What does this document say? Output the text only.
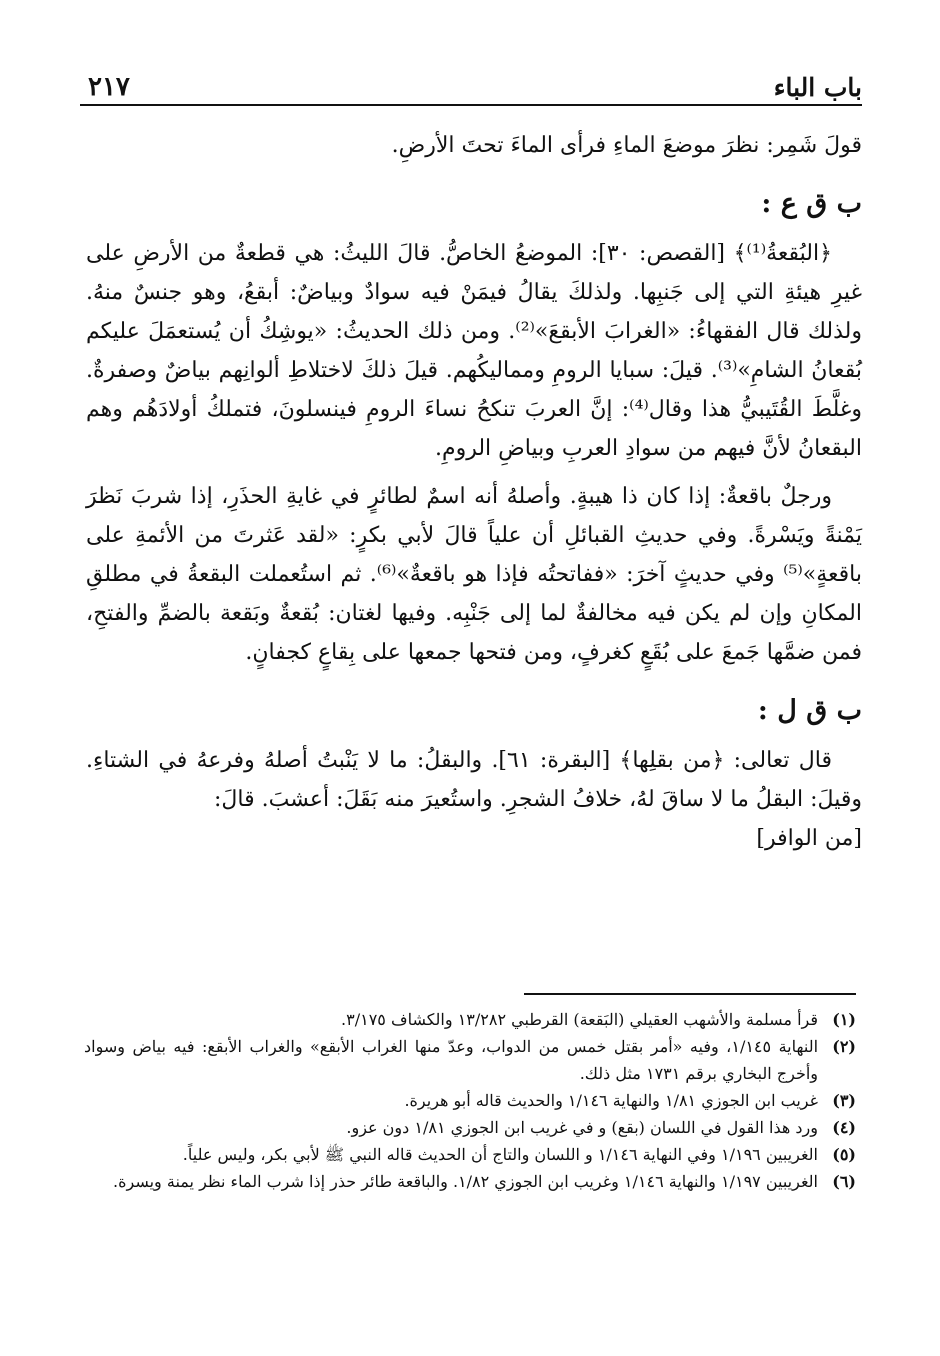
باب الباء
٢١٧

قولَ شَمِر: نظرَ موضعَ الماءِ فرأى الماءَ تحتَ الأرضِ.

ب ق ع :

﴿البُقعةُ⁽¹⁾﴾ [القصص: ٣٠]: الموضعُ الخاصُّ. قالَ الليثُ: هي قطعةٌ من الأرضِ على غيرِ هيئةِ التي إلى جَنبِها. ولذلكَ يقالُ فيمَنْ فيه سوادٌ وبياضٌ: أبقعُ، وهو جنسٌ منهُ. ولذلك قال الفقهاءُ: «الغرابَ الأبقعَ»⁽²⁾. ومن ذلك الحديثُ: «يوشِكُ أن يُستعمَلَ عليكم بُقعانُ الشامِ»⁽³⁾. قيلَ: سبايا الرومِ ومماليكُهم. قيلَ ذلكَ لاختلاطِ ألوانِهم بياضٌ وصفرةٌ. وغلَّطَ القُتَيبيُّ هذا وقال⁽⁴⁾: إنَّ العربَ تنكحُ نساءَ الرومِ فينسلونَ، فتملكُ أولادَهُم وهم البقعانُ لأنَّ فيهم من سوادِ العربِ وبياضِ الرومِ.

ورجلٌ باقعةٌ: إذا كان ذا هيبةٍ. وأصلهُ أنه اسمٌ لطائرٍ في غايةِ الحذَرِ، إذا شربَ نَظرَ يَمْنةً ويَسْرةً. وفي حديثِ القبائلِ أن علياً قالَ لأبي بكرٍ: «لقد عَثرتَ من الأئمةِ على باقعةٍ»⁽⁵⁾ وفي حديثٍ آخرَ: «ففاتحتُه فإذا هو باقعةٌ»⁽⁶⁾. ثم استُعملت البقعةُ في مطلقِ المكانِ وإن لم يكن فيه مخالفةٌ لما إلى جَنْبِه. وفيها لغتان: بُقعةٌ وبَقعة بالضمِّ والفتحِ، فمن ضمَّها جَمعَ على بُقَعٍ كغرفٍ، ومن فتحها جمعها على بِقاعٍ كجفانٍ.

ب ق ل :

قال تعالى: ﴿من بقلِها﴾ [البقرة: ٦١]. والبقلُ: ما لا يَنْبتُ أصلهُ وفرعهُ في الشتاءِ. وقيلَ: البقلُ ما لا ساقَ لهُ، خلافُ الشجرِ. واستُعيرَ منه بَقَلَ: أعشبَ. قالَ:

[من الوافر]

(١)
قرأ مسلمة والأشهب العقيلي (البَقعة) القرطبي ١٣/٢٨٢ والكشاف ٣/١٧٥.
(٢)
النهاية ١/١٤٥، وفيه «أمر بقتل خمس من الدواب، وعدّ منها الغراب الأبقع» والغراب الأبقع: فيه بياض وسواد وأخرج البخاري برقم ١٧٣١ مثل ذلك.
(٣)
غريب ابن الجوزي ١/٨١ والنهاية ١/١٤٦ والحديث قاله أبو هريرة.
(٤)
ورد هذا القول في اللسان (بقع) و في غريب ابن الجوزي ١/٨١ دون عزو.
(٥)
الغريبين ١/١٩٦ وفي النهاية ١/١٤٦ و اللسان والتاج أن الحديث قاله النبي ﷺ لأبي بكر، وليس علياً.
(٦)
الغريبين ١/١٩٧ والنهاية ١/١٤٦ وغريب ابن الجوزي ١/٨٢. والباقعة طائر حذر إذا شرب الماء نظر يمنة ويسرة.
